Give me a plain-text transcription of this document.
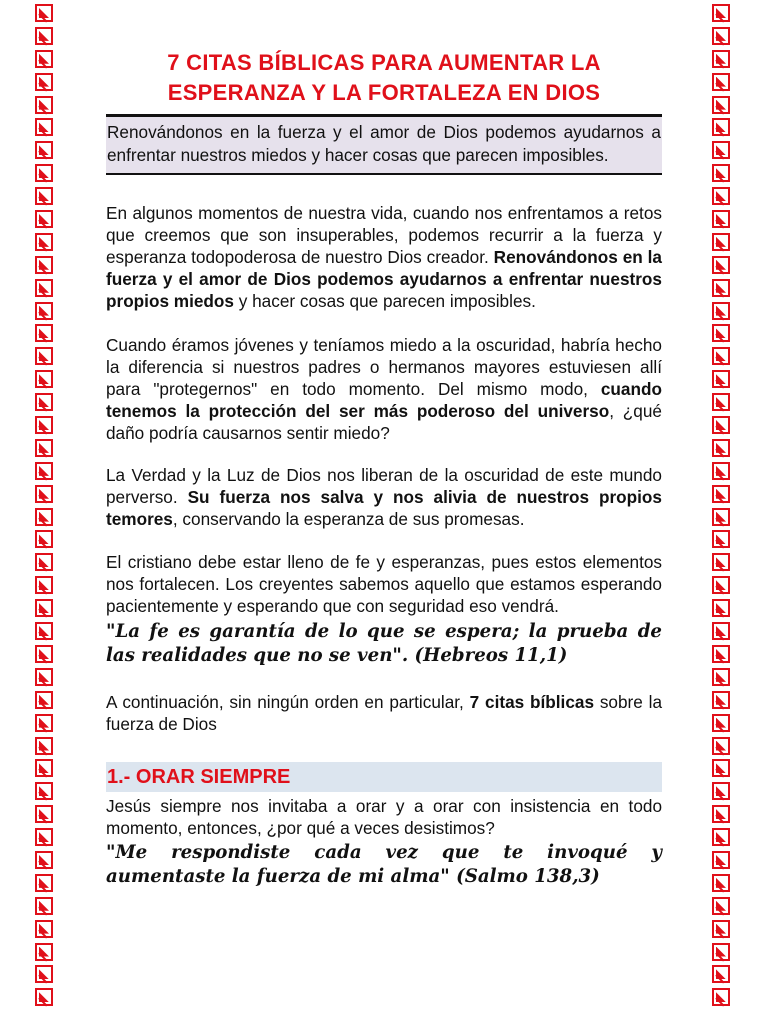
7 CITAS BÍBLICAS PARA AUMENTAR LA
ESPERANZA Y LA FORTALEZA EN DIOS
Renovándonos en la fuerza y el amor de Dios podemos ayudarnos a enfrentar nuestros miedos y hacer cosas que parecen imposibles.

En algunos momentos de nuestra vida, cuando nos enfrentamos a retos que creemos que son insuperables, podemos recurrir a la fuerza y esperanza todopoderosa de nuestro Dios creador. Renovándonos en la fuerza y el amor de Dios podemos ayudarnos a enfrentar nuestros propios miedos y hacer cosas que parecen imposibles.

Cuando éramos jóvenes y teníamos miedo a la oscuridad, habría hecho la diferencia si nuestros padres o hermanos mayores estuviesen allí para "protegernos" en todo momento. Del mismo modo, cuando tenemos la protección del ser más poderoso del universo, ¿qué daño podría causarnos sentir miedo?

La Verdad y la Luz de Dios nos liberan de la oscuridad de este mundo perverso. Su fuerza nos salva y nos alivia de nuestros propios temores, conservando la esperanza de sus promesas.

El cristiano debe estar lleno de fe y esperanzas, pues estos elementos nos fortalecen. Los creyentes sabemos aquello que estamos esperando pacientemente y esperando que con seguridad eso vendrá.

"La fe es garantía de lo que se espera; la prueba de las realidades que no se ven". (Hebreos 11,1)

A continuación, sin ningún orden en particular, 7 citas bíblicas sobre la fuerza de Dios

1.- ORAR SIEMPRE

Jesús siempre nos invitaba a orar y a orar con insistencia en todo momento, entonces, ¿por qué a veces desistimos?

"Me respondiste cada vez que te invoqué y aumentaste la fuerza de mi alma" (Salmo 138,3)
